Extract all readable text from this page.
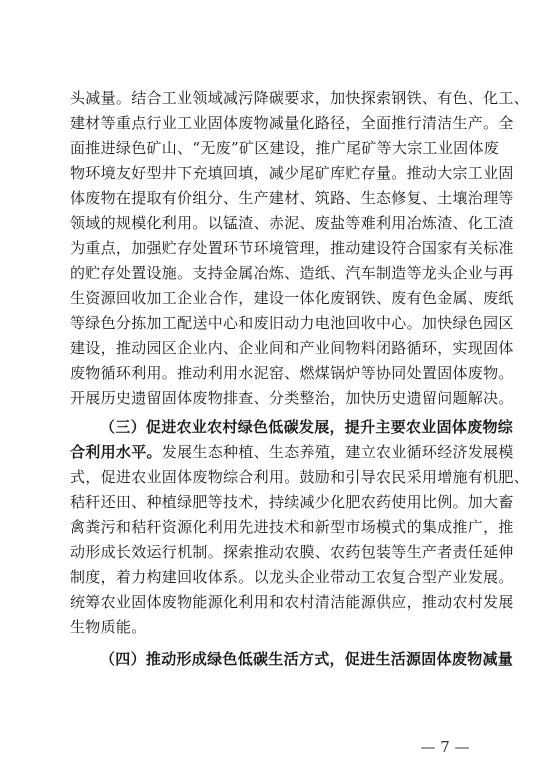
头减量。结合工业领域减污降碳要求，加快探索钢铁、有色、化工、
建材等重点行业工业固体废物减量化路径，全面推行清洁生产。全
面推进绿色矿山、“无废”矿区建设，推广尾矿等大宗工业固体废
物环境友好型井下充填回填，减少尾矿库贮存量。推动大宗工业固
体废物在提取有价组分、生产建材、筑路、生态修复、土壤治理等
领域的规模化利用。以锰渣、赤泥、废盐等难利用冶炼渣、化工渣
为重点，加强贮存处置环节环境管理，推动建设符合国家有关标准
的贮存处置设施。支持金属冶炼、造纸、汽车制造等龙头企业与再
生资源回收加工企业合作，建设一体化废钢铁、废有色金属、废纸
等绿色分拣加工配送中心和废旧动力电池回收中心。加快绿色园区
建设，推动园区企业内、企业间和产业间物料闭路循环，实现固体
废物循环利用。推动利用水泥窑、燃煤锅炉等协同处置固体废物。
开展历史遗留固体废物排查、分类整治，加快历史遗留问题解决。
（三）促进农业农村绿色低碳发展，提升主要农业固体废物综
合利用水平。发展生态种植、生态养殖，建立农业循环经济发展模
式，促进农业固体废物综合利用。鼓励和引导农民采用增施有机肥、
秸秆还田、种植绿肥等技术，持续减少化肥农药使用比例。加大畜
禽粪污和秸秆资源化利用先进技术和新型市场模式的集成推广，推
动形成长效运行机制。探索推动农膜、农药包装等生产者责任延伸
制度，着力构建回收体系。以龙头企业带动工农复合型产业发展。
统筹农业固体废物能源化利用和农村清洁能源供应，推动农村发展
生物质能。
（四）推动形成绿色低碳生活方式，促进生活源固体废物减量
— 7 —
